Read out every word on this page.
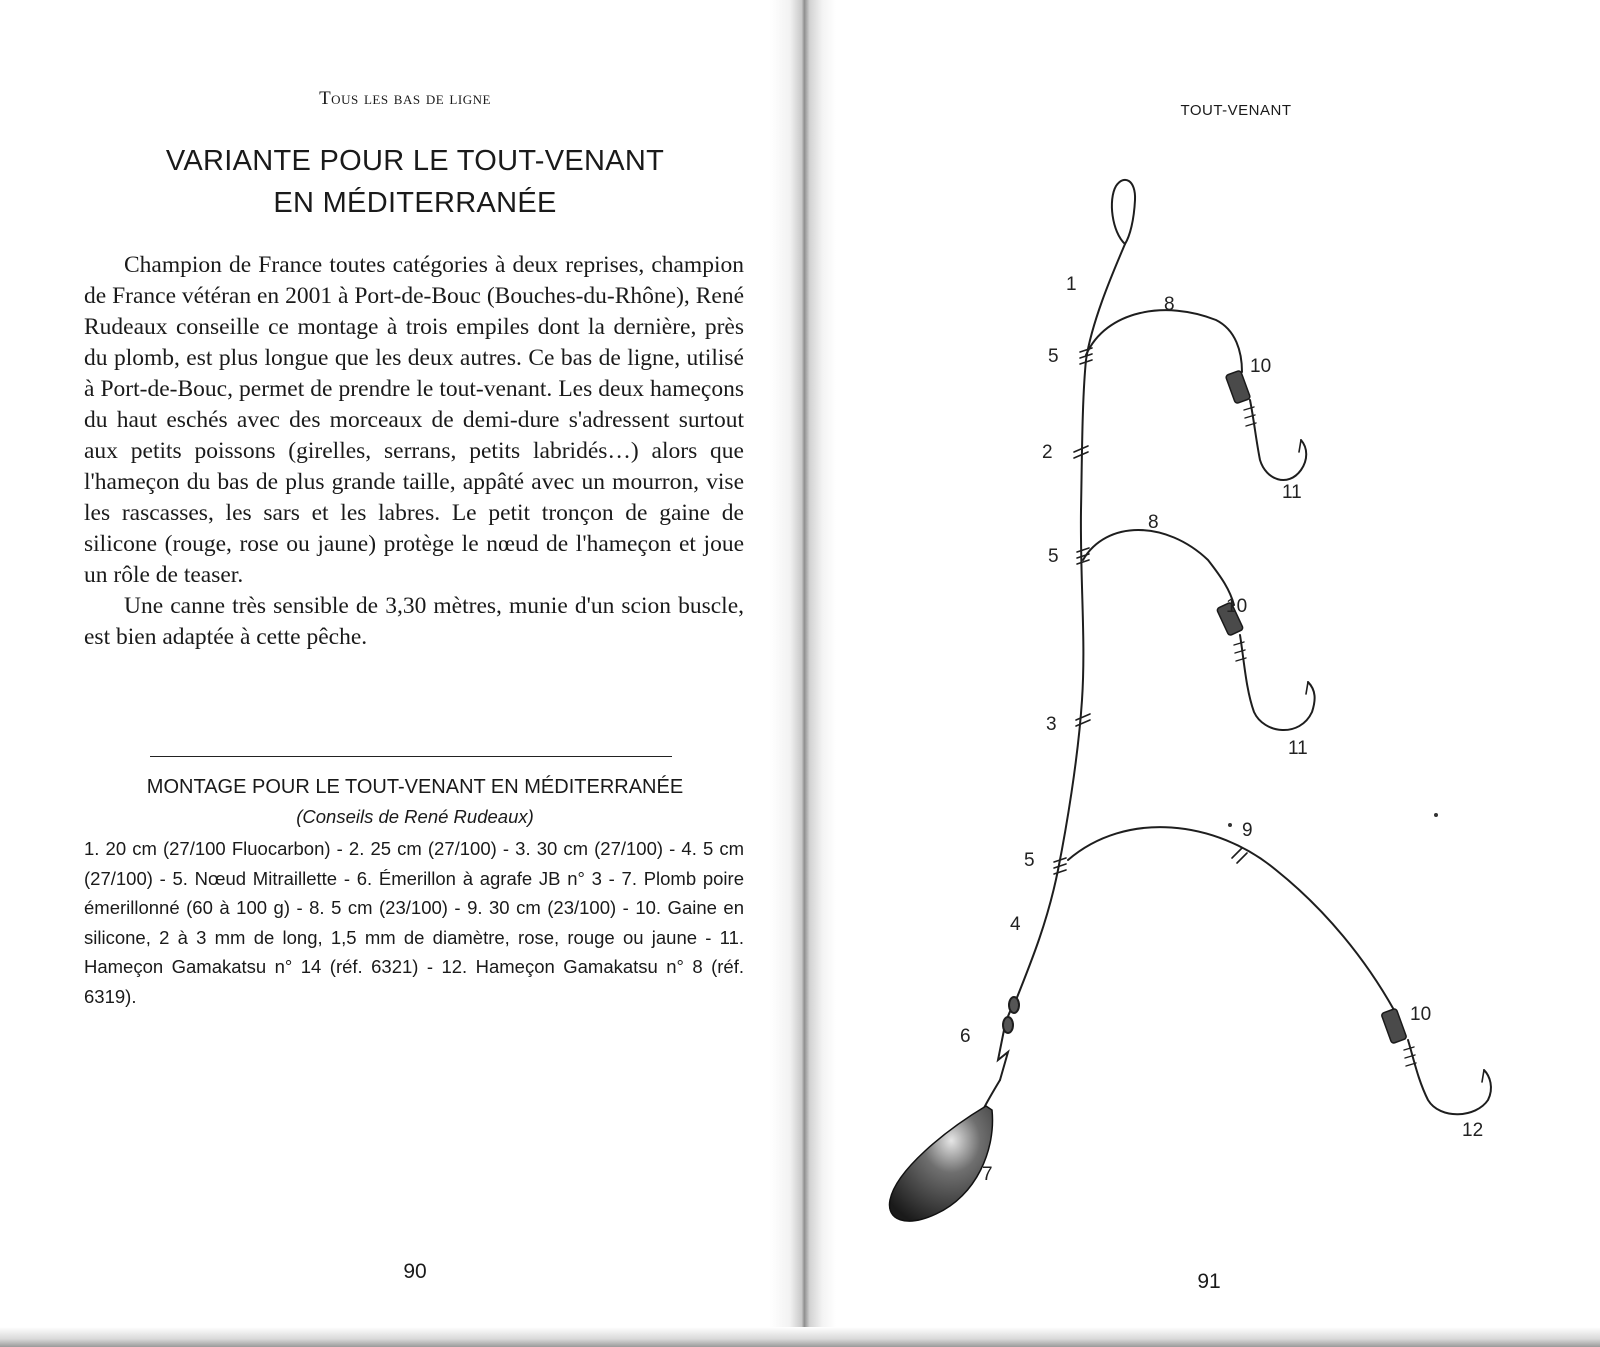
Tous les bas de ligne
VARIANTE POUR LE TOUT-VENANT
EN MÉDITERRANÉE

Champion de France toutes catégories à deux reprises, champion de France vétéran en 2001 à Port-de-Bouc (Bouches-du-Rhône), René Rudeaux conseille ce montage à trois empiles dont la dernière, près du plomb, est plus longue que les deux autres. Ce bas de ligne, utilisé à Port-de-Bouc, permet de prendre le tout-venant. Les deux hameçons du haut eschés avec des morceaux de demi-dure s'adressent surtout aux petits poissons (girelles, serrans, petits labridés…) alors que l'hameçon du bas de plus grande taille, appâté avec un mourron, vise les rascasses, les sars et les labres. Le petit tronçon de gaine de silicone (rouge, rose ou jaune) protège le nœud de l'hameçon et joue un rôle de teaser.

Une canne très sensible de 3,30 mètres, munie d'un scion buscle, est bien adaptée à cette pêche.

MONTAGE POUR LE TOUT-VENANT EN MÉDITERRANÉE
(Conseils de René Rudeaux)
1. 20 cm (27/100 Fluocarbon) - 2. 25 cm (27/100) - 3. 30 cm (27/100) - 4. 5 cm (27/100) - 5. Nœud Mitraillette - 6. Émerillon à agrafe JB n° 3 - 7. Plomb poire émerillonné (60 à 100 g) - 8. 5 cm (23/100) - 9. 30 cm (23/100) - 10. Gaine en silicone, 2 à 3 mm de long, 1,5 mm de diamètre, rose, rouge ou jaune - 11. Hameçon Gamakatsu n° 14 (réf. 6321) - 12. Hameçon Gamakatsu n° 8 (réf. 6319).
90
TOUT-VENANT
1
5
8
10
2
11
8
5
10
3
11
9
5
4
10
6
12
7
91
